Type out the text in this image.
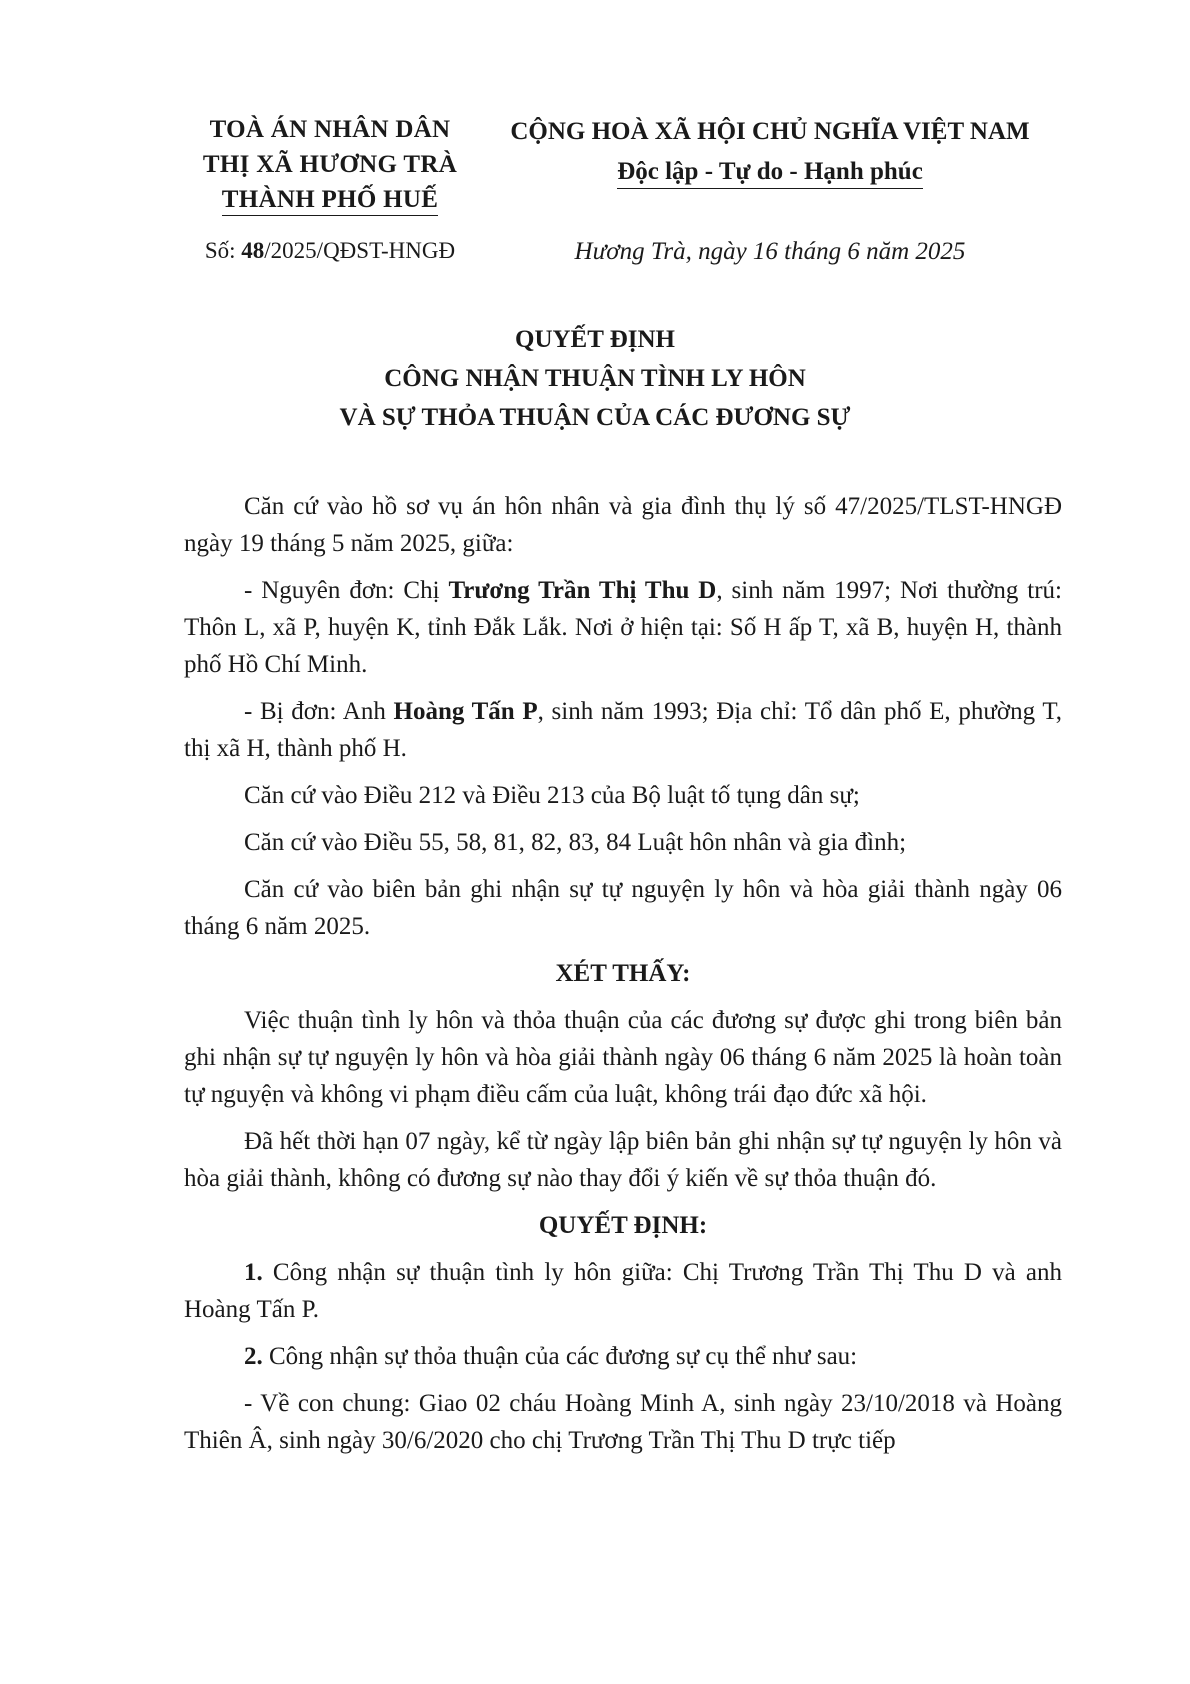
TOÀ ÁN NHÂN DÂN
THỊ XÃ HƯƠNG TRÀ
THÀNH PHỐ HUẾ
CỘNG HOÀ XÃ HỘI CHỦ NGHĨA VIỆT NAM
Độc lập - Tự do - Hạnh phúc
Số: 48/2025/QĐST-HNGĐ	Hương Trà, ngày 16 tháng 6 năm 2025
QUYẾT ĐỊNH
CÔNG NHẬN THUẬN TÌNH LY HÔN
VÀ SỰ THỎA THUẬN CỦA CÁC ĐƯƠNG SỰ

Căn cứ vào hồ sơ vụ án hôn nhân và gia đình thụ lý số 47/2025/TLST-HNGĐ ngày 19 tháng 5 năm 2025, giữa:

- Nguyên đơn: Chị Trương Trần Thị Thu D, sinh năm 1997; Nơi thường trú: Thôn L, xã P, huyện K, tỉnh Đắk Lắk. Nơi ở hiện tại: Số H ấp T, xã B, huyện H, thành phố Hồ Chí Minh.

- Bị đơn: Anh Hoàng Tấn P, sinh năm 1993; Địa chỉ: Tổ dân phố E, phường T, thị xã H, thành phố H.

Căn cứ vào Điều 212 và Điều 213 của Bộ luật tố tụng dân sự;

Căn cứ vào Điều 55, 58, 81, 82, 83, 84 Luật hôn nhân và gia đình;

Căn cứ vào biên bản ghi nhận sự tự nguyện ly hôn và hòa giải thành ngày 06 tháng 6 năm 2025.

XÉT THẤY:

Việc thuận tình ly hôn và thỏa thuận của các đương sự được ghi trong biên bản ghi nhận sự tự nguyện ly hôn và hòa giải thành ngày 06 tháng 6 năm 2025 là hoàn toàn tự nguyện và không vi phạm điều cấm của luật, không trái đạo đức xã hội.

Đã hết thời hạn 07 ngày, kể từ ngày lập biên bản ghi nhận sự tự nguyện ly hôn và hòa giải thành, không có đương sự nào thay đổi ý kiến về sự thỏa thuận đó.

QUYẾT ĐỊNH:

1. Công nhận sự thuận tình ly hôn giữa: Chị Trương Trần Thị Thu D và anh Hoàng Tấn P.

2. Công nhận sự thỏa thuận của các đương sự cụ thể như sau:

- Về con chung: Giao 02 cháu Hoàng Minh A, sinh ngày 23/10/2018 và Hoàng Thiên Â, sinh ngày 30/6/2020 cho chị Trương Trần Thị Thu D trực tiếp
